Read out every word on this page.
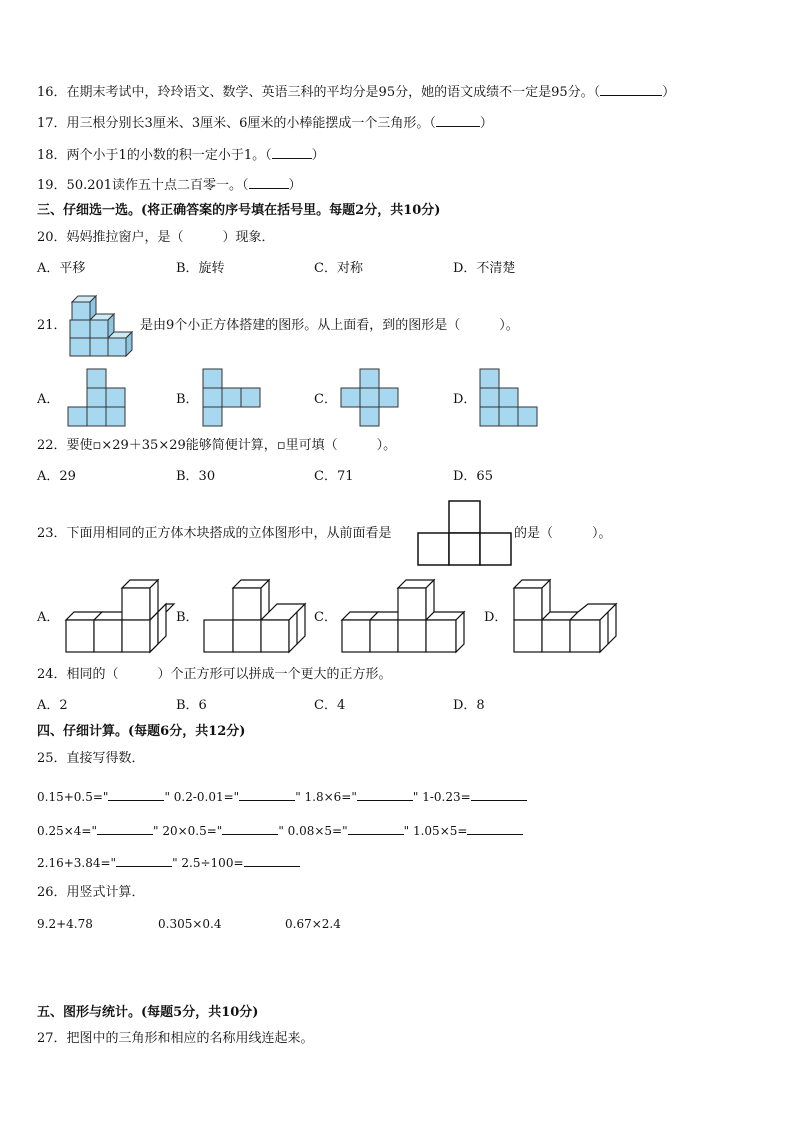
16．在期末考试中，玲玲语文、数学、英语三科的平均分是95分，她的语文成绩不一定是95分。（	）
17．用三根分别长3厘米、3厘米、6厘米的小棒能摆成一个三角形。（	）
18．两个小于1的小数的积一定小于1。（	）
19．50.201读作五十点二百零一。（	）
三、仔细选一选。(将正确答案的序号填在括号里。每题2分，共10分)
20．妈妈推拉窗户，是（　　　）现象．
A．平移	B．旋转	C．对称	D．不清楚
21．	是由9个小正方体搭建的图形。从上面看，到的图形是（　　　）。
A．	B．	C．	D．
22．要使▫×29＋35×29能够简便计算，▫里可填（　　　）。
A．29	B．30	C．71	D．65
23．下面用相同的正方体木块搭成的立体图形中，从前面看是	的是（　　　）。
A．	B．	C．	D．
24．相同的（　　　）个正方形可以拼成一个更大的正方形。
A．2	B．6	C．4	D．8
四、仔细计算。(每题6分，共12分)
25．直接写得数．
0.15+0.5="	" 0.2-0.01="	" 1.8×6="	" 1-0.23=
0.25×4="	" 20×0.5="	" 0.08×5="	" 1.05×5=
2.16+3.84="	" 2.5÷100=
26．用竖式计算．
9.2+4.78	0.305×0.4	0.67×2.4
五、图形与统计。(每题5分，共10分)
27．把图中的三角形和相应的名称用线连起来。
